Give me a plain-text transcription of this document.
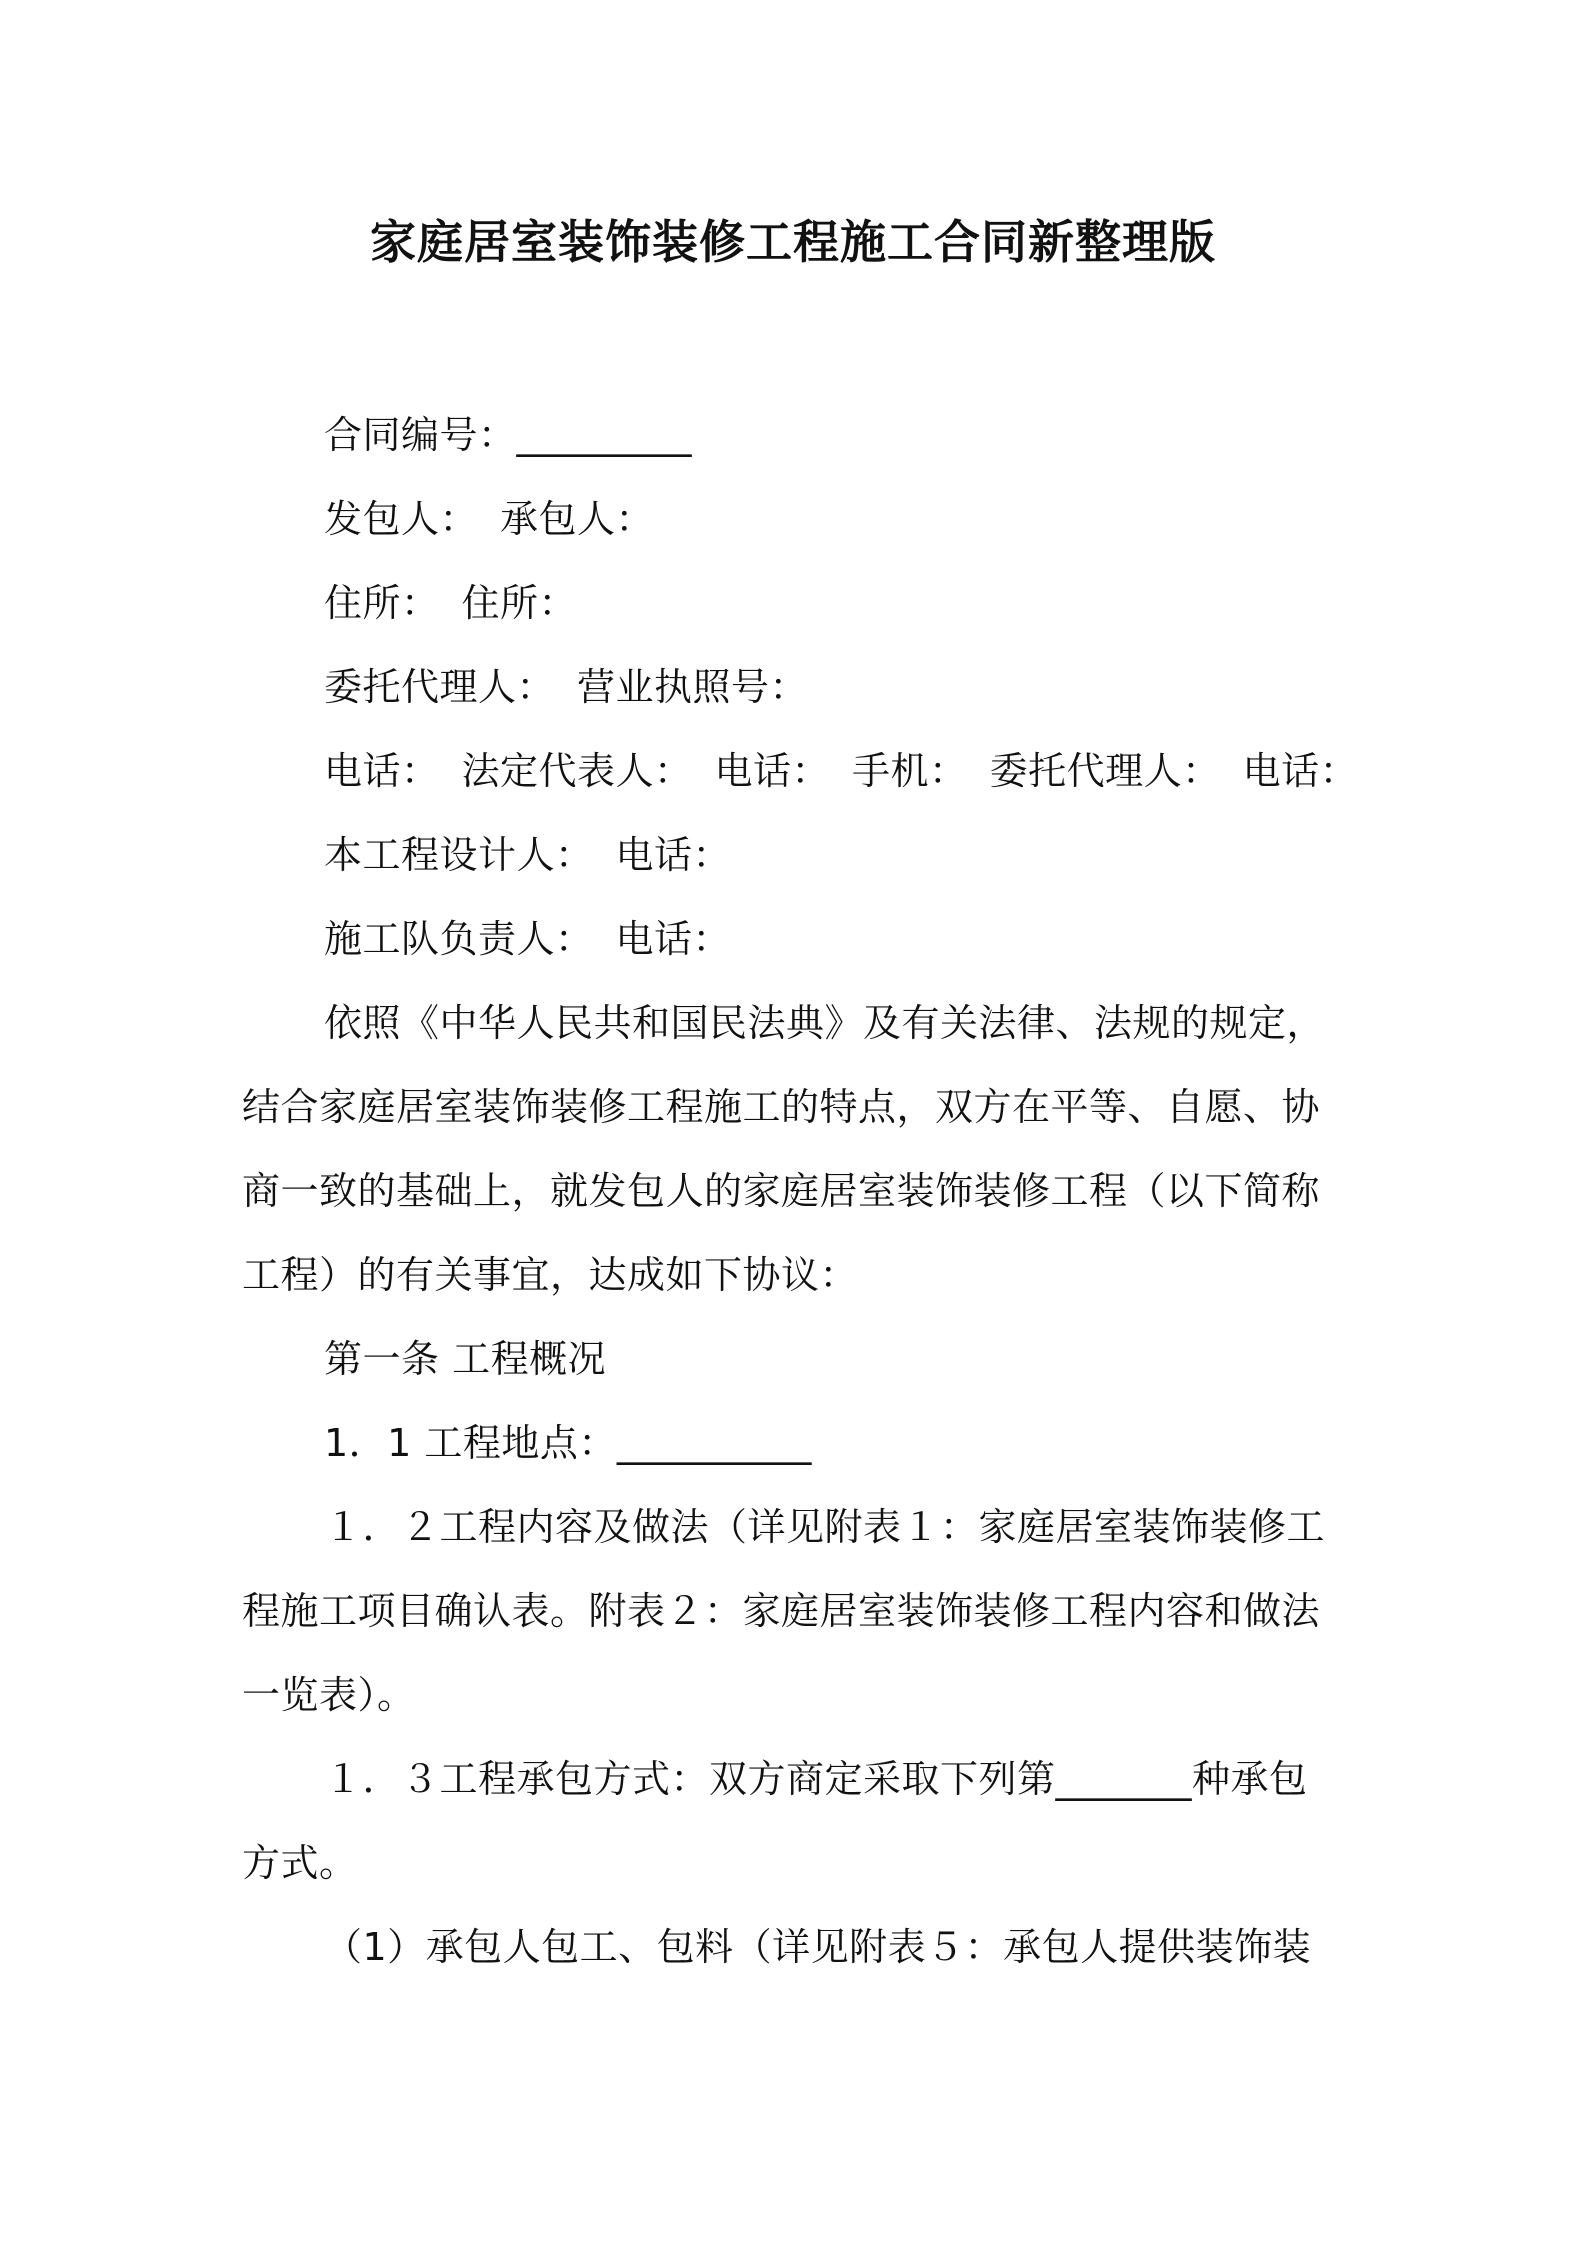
家庭居室装饰装修工程施工合同新整理版
合同编号：_________
发包人： 承包人：
住所： 住所：
委托代理人： 营业执照号：
电话： 法定代表人： 电话： 手机： 委托代理人： 电话：
本工程设计人： 电话：
施工队负责人： 电话：
依照《中华人民共和国民法典》及有关法律、法规的规定，
结合家庭居室装饰装修工程施工的特点，双方在平等、自愿、协
商一致的基础上，就发包人的家庭居室装饰装修工程（以下简称
工程）的有关事宜，达成如下协议：
第一条 工程概况
1．1 工程地点：__________
１．２工程内容及做法（详见附表１：家庭居室装饰装修工
程施工项目确认表。附表２：家庭居室装饰装修工程内容和做法
一览表）。
１．３工程承包方式：双方商定采取下列第_______种承包
方式。
（1）承包人包工、包料（详见附表５：承包人提供装饰装
